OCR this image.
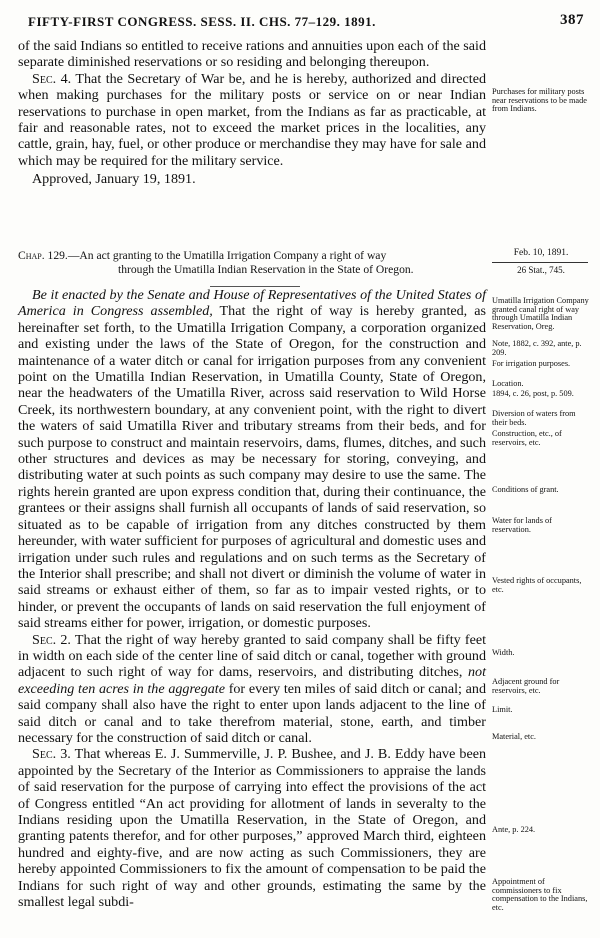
FIFTY-FIRST CONGRESS. SESS. II. CHS. 77–129. 1891.	387

of the said Indians so entitled to receive rations and annuities upon each of the said separate diminished reservations or so residing and belonging thereupon.

Sec. 4. That the Secretary of War be, and he is hereby, authorized and directed when making purchases for the military posts or service on or near Indian reservations to purchase in open market, from the Indians as far as practicable, at fair and reasonable rates, not to exceed the market prices in the localities, any cattle, grain, hay, fuel, or other produce or merchandise they may have for sale and which may be required for the military service.

Approved, January 19, 1891.

Chap. 129.—An act granting to the Umatilla Irrigation Company a right of way
through the Umatilla Indian Reservation in the State of Oregon.

Be it enacted by the Senate and House of Representatives of the United States of America in Congress assembled, That the right of way is hereby granted, as hereinafter set forth, to the Umatilla Irrigation Company, a corporation organized and existing under the laws of the State of Oregon, for the construction and maintenance of a water ditch or canal for irrigation purposes from any convenient point on the Umatilla Indian Reservation, in Umatilla County, State of Oregon, near the headwaters of the Umatilla River, across said reservation to Wild Horse Creek, its northwestern boundary, at any convenient point, with the right to divert the waters of said Umatilla River and tributary streams from their beds, and for such purpose to construct and maintain reservoirs, dams, flumes, ditches, and such other structures and devices as may be necessary for storing, conveying, and distributing water at such points as such company may desire to use the same. The rights herein granted are upon express condition that, during their continuance, the grantees or their assigns shall furnish all occupants of lands of said reservation, so situated as to be capable of irrigation from any ditches constructed by them hereunder, with water sufficient for purposes of agricultural and domestic uses and irrigation under such rules and regulations and on such terms as the Secretary of the Interior shall prescribe; and shall not divert or diminish the volume of water in said streams or exhaust either of them, so far as to impair vested rights, or to hinder, or prevent the occupants of lands on said reservation the full enjoyment of said streams either for power, irrigation, or domestic purposes.

Sec. 2. That the right of way hereby granted to said company shall be fifty feet in width on each side of the center line of said ditch or canal, together with ground adjacent to such right of way for dams, reservoirs, and distributing ditches, not exceeding ten acres in the aggregate for every ten miles of said ditch or canal; and said company shall also have the right to enter upon lands adjacent to the line of said ditch or canal and to take therefrom material, stone, earth, and timber necessary for the construction of said ditch or canal.

Sec. 3. That whereas E. J. Summerville, J. P. Bushee, and J. B. Eddy have been appointed by the Secretary of the Interior as Commissioners to appraise the lands of said reservation for the purpose of carrying into effect the provisions of the act of Congress entitled “An act providing for allotment of lands in severalty to the Indians residing upon the Umatilla Reservation, in the State of Oregon, and granting patents therefor, and for other purposes,” approved March third, eighteen hundred and eighty-five, and are now acting as such Commissioners, they are hereby appointed Commissioners to fix the amount of compensation to be paid the Indians for such right of way and other grounds, estimating the same by the smallest legal subdi-

Purchases for military posts near reservations to be made from Indians.
Feb. 10, 1891.
26 Stat., 745.
Umatilla Irrigation Company granted canal right of way through Umatilla Indian Reservation, Oreg.
Note, 1882, c. 392, ante, p. 209.
For irrigation purposes.
Location.
1894, c. 26, post, p. 509.
Diversion of waters from their beds.
Construction, etc., of reservoirs, etc.
Conditions of grant.
Water for lands of reservation.
Vested rights of occupants, etc.
Width.
Adjacent ground for reservoirs, etc.
Limit.
Material, etc.
Ante, p. 224.
Appointment of commissioners to fix compensation to the Indians, etc.
